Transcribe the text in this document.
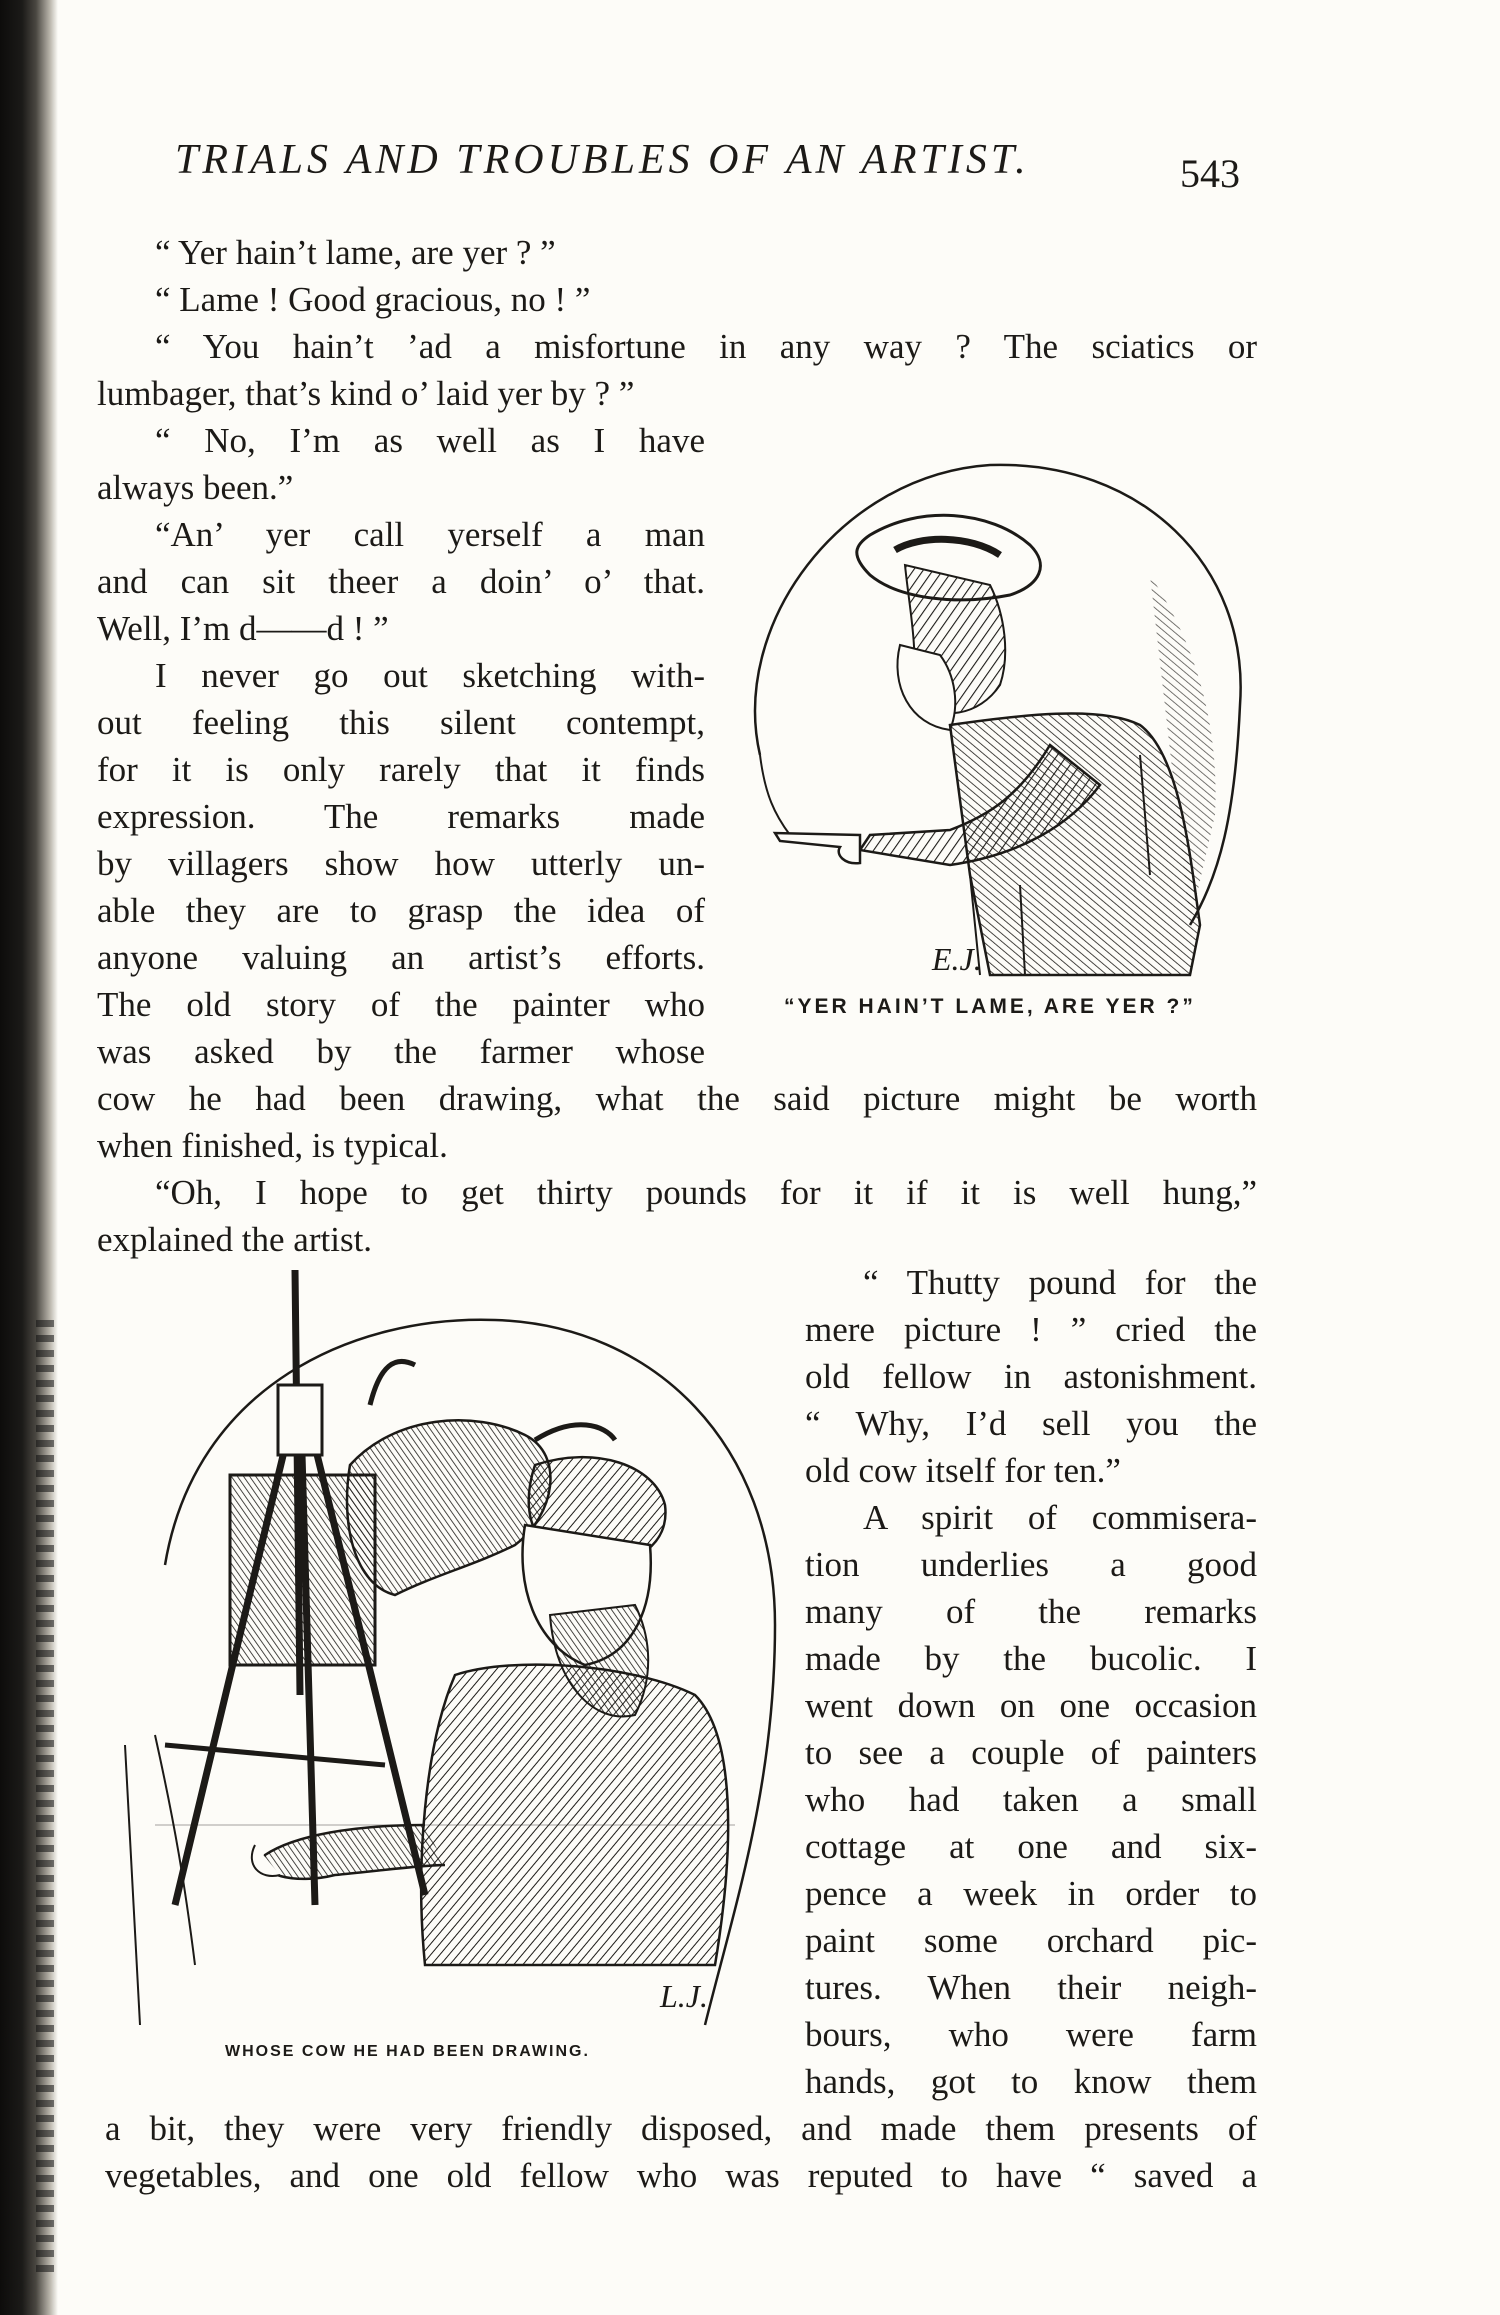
TRIALS AND TROUBLES OF AN ARTIST.	543

“ Yer hain’t lame, are yer ? ”

“ Lame ! Good gracious, no ! ”

“ You hain’t ’ad a misfortune in any way ? The sciatics or

lumbager, that’s kind o’ laid yer by ? ”

“ No, I’m as well as I have

always been.”

“An’ yer call yerself a man

and can sit theer a doin’ o’ that.

Well, I’m d——d ! ”

I never go out sketching with-

out feeling this silent contempt,

for it is only rarely that it finds

expression. The remarks made

by villagers show how utterly un-

able they are to grasp the idea of

anyone valuing an artist’s efforts.

The old story of the painter who

was asked by the farmer whose

cow he had been drawing, what the said picture might be worth

when finished, is typical.

“Oh, I hope to get thirty pounds for it if it is well hung,”

explained the artist.

“ Thutty pound for the

mere picture ! ” cried the

old fellow in astonishment.

“ Why, I’d sell you the

old cow itself for ten.”

A spirit of commisera-

tion underlies a good

many of the remarks

made by the bucolic. I

went down on one occasion

to see a couple of painters

who had taken a small

cottage at one and six-

pence a week in order to

paint some orchard pic-

tures. When their neigh-

bours, who were farm

hands, got to know them

a bit, they were very friendly disposed, and made them presents of

vegetables, and one old fellow who was reputed to have “ saved a

E.J.
“YER HAIN’T LAME, ARE YER ?”
L.J.
WHOSE COW HE HAD BEEN DRAWING.
